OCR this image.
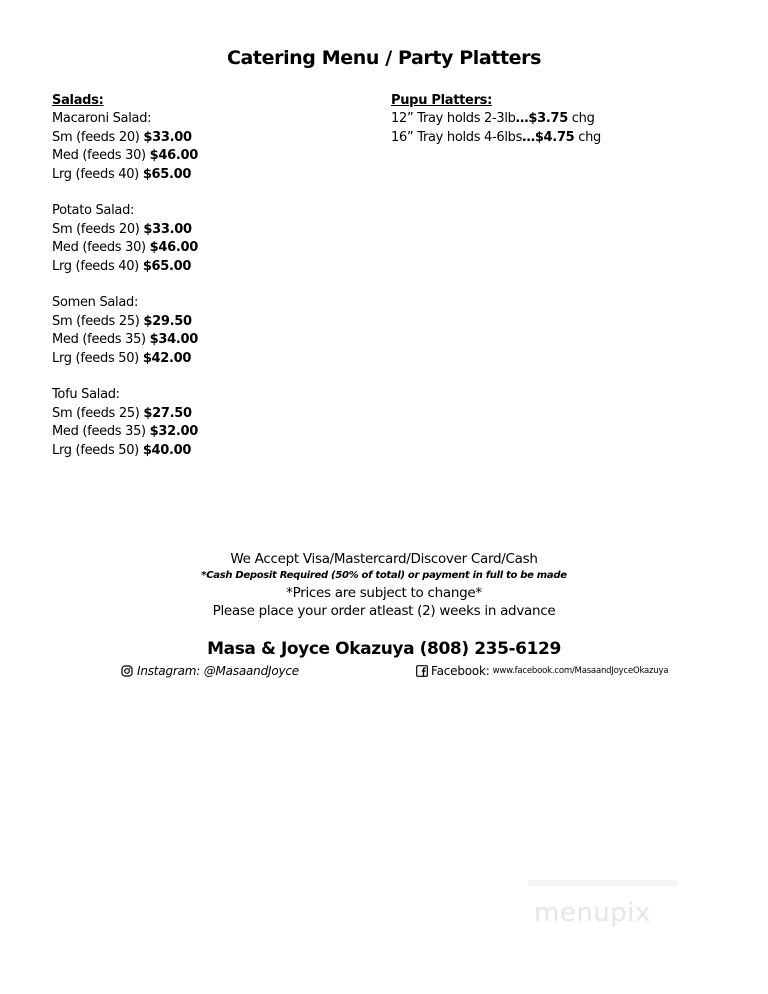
Catering Menu / Party Platters
Salads:
Macaroni Salad:
Sm (feeds 20) $33.00
Med (feeds 30) $46.00
Lrg (feeds 40) $65.00
Potato Salad:
Sm (feeds 20) $33.00
Med (feeds 30) $46.00
Lrg (feeds 40) $65.00
Somen Salad:
Sm (feeds 25) $29.50
Med (feeds 35) $34.00
Lrg (feeds 50) $42.00
Tofu Salad:
Sm (feeds 25) $27.50
Med (feeds 35) $32.00
Lrg (feeds 50) $40.00
Pupu Platters:
12” Tray holds 2-3lb…$3.75 chg
16” Tray holds 4-6lbs…$4.75 chg
We Accept Visa/Mastercard/Discover Card/Cash
*Cash Deposit Required (50% of total) or payment in full to be made
*Prices are subject to change*
Please place your order atleast (2) weeks in advance
Masa & Joyce Okazuya (808) 235-6129
Instagram: @MasaandJoyce	Facebook: www.facebook.com/MasaandJoyceOkazuya
menupix
